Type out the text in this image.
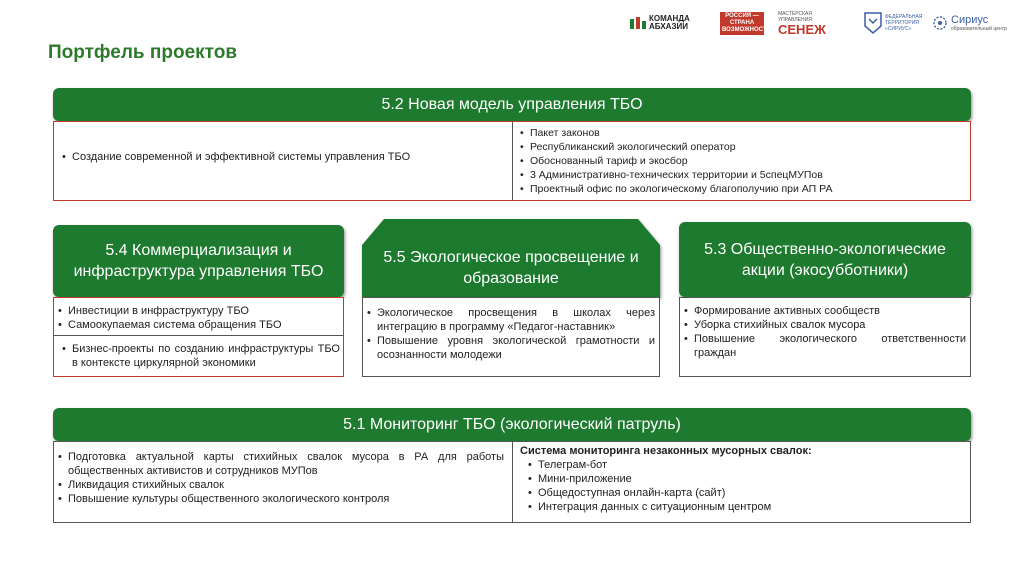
Портфель проектов
КОМАНДА АБХАЗИИ
РОССИЯ — СТРАНА ВОЗМОЖНОСТЕЙ
МАСТЕРСКАЯ УПРАВЛЕНИЯ
СЕНЕЖ
ФЕДЕРАЛЬНАЯ ТЕРРИТОРИЯ «СИРИУС»
Сириус
образовательный центр
5.2 Новая модель управления ТБО
• Создание современной и эффективной системы управления ТБО
• Пакет законов
• Республиканский экологический оператор
• Обоснованный тариф и экосбор
• 3 Административно-технических территории и 5спецМУПов
• Проектный офис по экологическому благополучию при АП РА
5.4 Коммерциализация и инфраструктура управления ТБО
• Инвестиции в инфраструктуру ТБО
• Самоокупаемая система обращения ТБО
• Бизнес-проекты по созданию инфраструктуры ТБО в контексте циркулярной экономики
5.5 Экологическое просвещение и образование
• Экологическое просвещения в школах через интеграцию в программу «Педагог-наставник»
• Повышение уровня экологической грамотности и осознанности молодежи
5.3 Общественно-экологические акции (экосубботники)
• Формирование активных сообществ
• Уборка стихийных свалок мусора
• Повышение экологического ответственности граждан
5.1 Мониторинг ТБО (экологический патруль)
• Подготовка актуальной карты стихийных свалок мусора в РА для работы общественных активистов и сотрудников МУПов
• Ликвидация стихийных свалок
• Повышение культуры общественного экологического контроля
Система мониторинга незаконных мусорных свалок:
• Телеграм-бот
• Мини-приложение
• Общедоступная онлайн-карта (сайт)
• Интеграция данных с ситуационным центром
